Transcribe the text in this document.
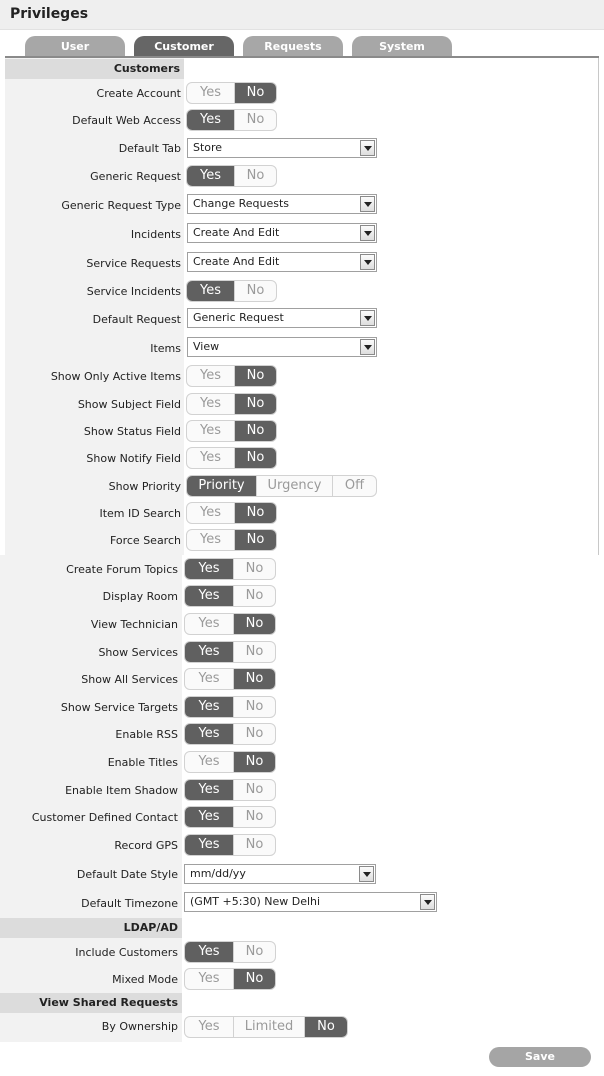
Privileges
User	Customer	Requests	System
Customers
Create Account	Yes	No
Default Web Access	Yes	No
Default Tab	Store
Generic Request	Yes	No
Generic Request Type	Change Requests
Incidents	Create And Edit
Service Requests	Create And Edit
Service Incidents	Yes	No
Default Request	Generic Request
Items	View
Show Only Active Items	Yes	No
Show Subject Field	Yes	No
Show Status Field	Yes	No
Show Notify Field	Yes	No
Show Priority	Priority	Urgency	Off
Item ID Search	Yes	No
Force Search	Yes	No
Create Forum Topics	Yes	No
Display Room	Yes	No
View Technician	Yes	No
Show Services	Yes	No
Show All Services	Yes	No
Show Service Targets	Yes	No
Enable RSS	Yes	No
Enable Titles	Yes	No
Enable Item Shadow	Yes	No
Customer Defined Contact	Yes	No
Record GPS	Yes	No
Default Date Style	mm/dd/yy
Default Timezone	(GMT +5:30) New Delhi
LDAP/AD
Include Customers	Yes	No
Mixed Mode	Yes	No
View Shared Requests
By Ownership	Yes	Limited	No
Save
